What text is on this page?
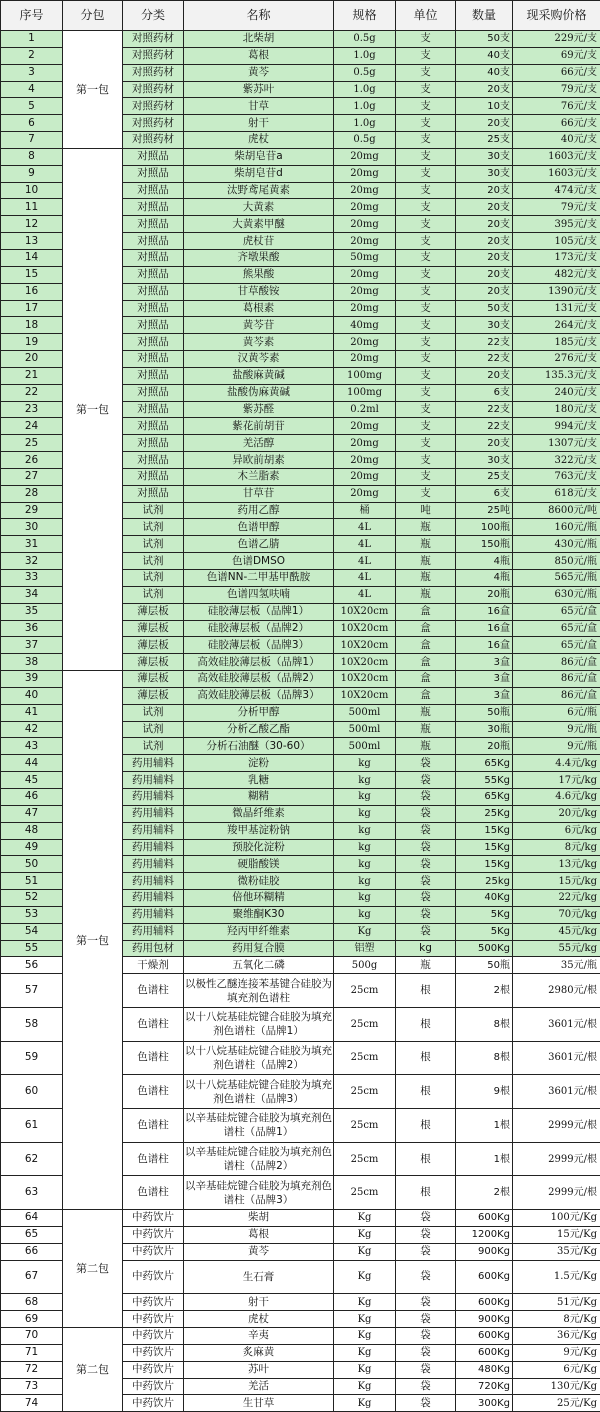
序号	分包	分类	名称	规格	单位	数量	现采购价格
1	第一包	对照药材	北柴胡	0.5g	支	50支	229元/支
2		对照药材	葛根	1.0g	支	40支	69元/支
3		对照药材	黄芩	0.5g	支	40支	66元/支
4		对照药材	紫苏叶	1.0g	支	20支	79元/支
5		对照药材	甘草	1.0g	支	10支	76元/支
6		对照药材	射干	1.0g	支	20支	66元/支
7		对照药材	虎杖	0.5g	支	25支	40元/支
8	第一包	对照品	柴胡皂苷a	20mg	支	30支	1603元/支
9		对照品	柴胡皂苷d	20mg	支	30支	1603元/支
10		对照品	汰野鸢尾黄素	20mg	支	20支	474元/支
11		对照品	大黄素	20mg	支	20支	79元/支
12		对照品	大黄素甲醚	20mg	支	20支	395元/支
13		对照品	虎杖苷	20mg	支	20支	105元/支
14		对照品	齐墩果酸	50mg	支	20支	173元/支
15		对照品	熊果酸	20mg	支	20支	482元/支
16		对照品	甘草酸铵	20mg	支	20支	1390元/支
17		对照品	葛根素	20mg	支	50支	131元/支
18		对照品	黄芩苷	40mg	支	30支	264元/支
19		对照品	黄芩素	20mg	支	22支	185元/支
20		对照品	汉黄芩素	20mg	支	22支	276元/支
21		对照品	盐酸麻黄碱	100mg	支	20支	135.3元/支
22		对照品	盐酸伪麻黄碱	100mg	支	6支	240元/支
23		对照品	紫苏醛	0.2ml	支	22支	180元/支
24		对照品	紫花前胡苷	20mg	支	22支	994元/支
25		对照品	羌活醇	20mg	支	20支	1307元/支
26		对照品	异欧前胡素	20mg	支	30支	322元/支
27		对照品	木兰脂素	20mg	支	25支	763元/支
28		对照品	甘草苷	20mg	支	6支	618元/支
29		试剂	药用乙醇	桶	吨	25吨	8600元/吨
30		试剂	色谱甲醇	4L	瓶	100瓶	160元/瓶
31		试剂	色谱乙腈	4L	瓶	150瓶	430元/瓶
32		试剂	色谱DMSO	4L	瓶	4瓶	850元/瓶
33		试剂	色谱NN-二甲基甲酰胺	4L	瓶	4瓶	565元/瓶
34		试剂	色谱四氢呋喃	4L	瓶	20瓶	630元/瓶
35		薄层板	硅胶薄层板（品牌1）	10X20cm	盒	16盒	65元/盒
36		薄层板	硅胶薄层板（品牌2）	10X20cm	盒	16盒	65元/盒
37		薄层板	硅胶薄层板（品牌3）	10X20cm	盒	16盒	65元/盒
38		薄层板	高效硅胶薄层板（品牌1）	10X20cm	盒	3盒	86元/盒
39	第一包	薄层板	高效硅胶薄层板（品牌2）	10X20cm	盒	3盒	86元/盒
40		薄层板	高效硅胶薄层板（品牌3）	10X20cm	盒	3盒	86元/盒
41		试剂	分析甲醇	500ml	瓶	50瓶	6元/瓶
42		试剂	分析乙酸乙酯	500ml	瓶	30瓶	9元/瓶
43		试剂	分析石油醚（30-60）	500ml	瓶	20瓶	9元/瓶
44		药用辅料	淀粉	kg	袋	65Kg	4.4元/kg
45		药用辅料	乳糖	kg	袋	55Kg	17元/kg
46		药用辅料	糊精	kg	袋	65Kg	4.6元/kg
47		药用辅料	微晶纤维素	kg	袋	25Kg	20元/kg
48		药用辅料	羧甲基淀粉钠	kg	袋	15Kg	6元/kg
49		药用辅料	预胶化淀粉	kg	袋	15Kg	8元/kg
50		药用辅料	硬脂酸镁	kg	袋	15Kg	13元/kg
51		药用辅料	微粉硅胶	kg	袋	25kg	15元/kg
52		药用辅料	倍他环糊精	kg	袋	40Kg	22元/kg
53		药用辅料	聚维酮K30	kg	袋	5Kg	70元/kg
54		药用辅料	羟丙甲纤维素	Kg	袋	5Kg	45元/kg
55		药用包材	药用复合膜	铝塑	kg	500Kg	55元/kg
56		干燥剂	五氧化二磷	500g	瓶	50瓶	35元/瓶
57		色谱柱	以极性乙醚连接苯基键合硅胶为填充剂色谱柱	25cm	根	2根	2980元/根
58		色谱柱	以十八烷基硅烷键合硅胶为填充剂色谱柱（品牌1）	25cm	根	8根	3601元/根
59		色谱柱	以十八烷基硅烷键合硅胶为填充剂色谱柱（品牌2）	25cm	根	8根	3601元/根
60		色谱柱	以十八烷基硅烷键合硅胶为填充剂色谱柱（品牌3）	25cm	根	9根	3601元/根
61		色谱柱	以辛基硅烷键合硅胶为填充剂色谱柱（品牌1）	25cm	根	1根	2999元/根
62		色谱柱	以辛基硅烷键合硅胶为填充剂色谱柱（品牌2）	25cm	根	1根	2999元/根
63		色谱柱	以辛基硅烷键合硅胶为填充剂色谱柱（品牌3）	25cm	根	2根	2999元/根
64	第二包	中药饮片	柴胡	Kg	袋	600Kg	100元/Kg
65		中药饮片	葛根	Kg	袋	1200Kg	15元/Kg
66		中药饮片	黄芩	Kg	袋	900Kg	35元/Kg
67		中药饮片	生石膏	Kg	袋	600Kg	1.5元/Kg
68		中药饮片	射干	Kg	袋	600Kg	51元/Kg
69		中药饮片	虎杖	Kg	袋	900Kg	8元/Kg
70	第二包	中药饮片	辛夷	Kg	袋	600Kg	36元/Kg
71		中药饮片	炙麻黄	Kg	袋	600Kg	9元/Kg
72		中药饮片	苏叶	Kg	袋	480Kg	6元/Kg
73		中药饮片	羌活	Kg	袋	720Kg	130元/Kg
74		中药饮片	生甘草	Kg	袋	300Kg	25元/Kg
